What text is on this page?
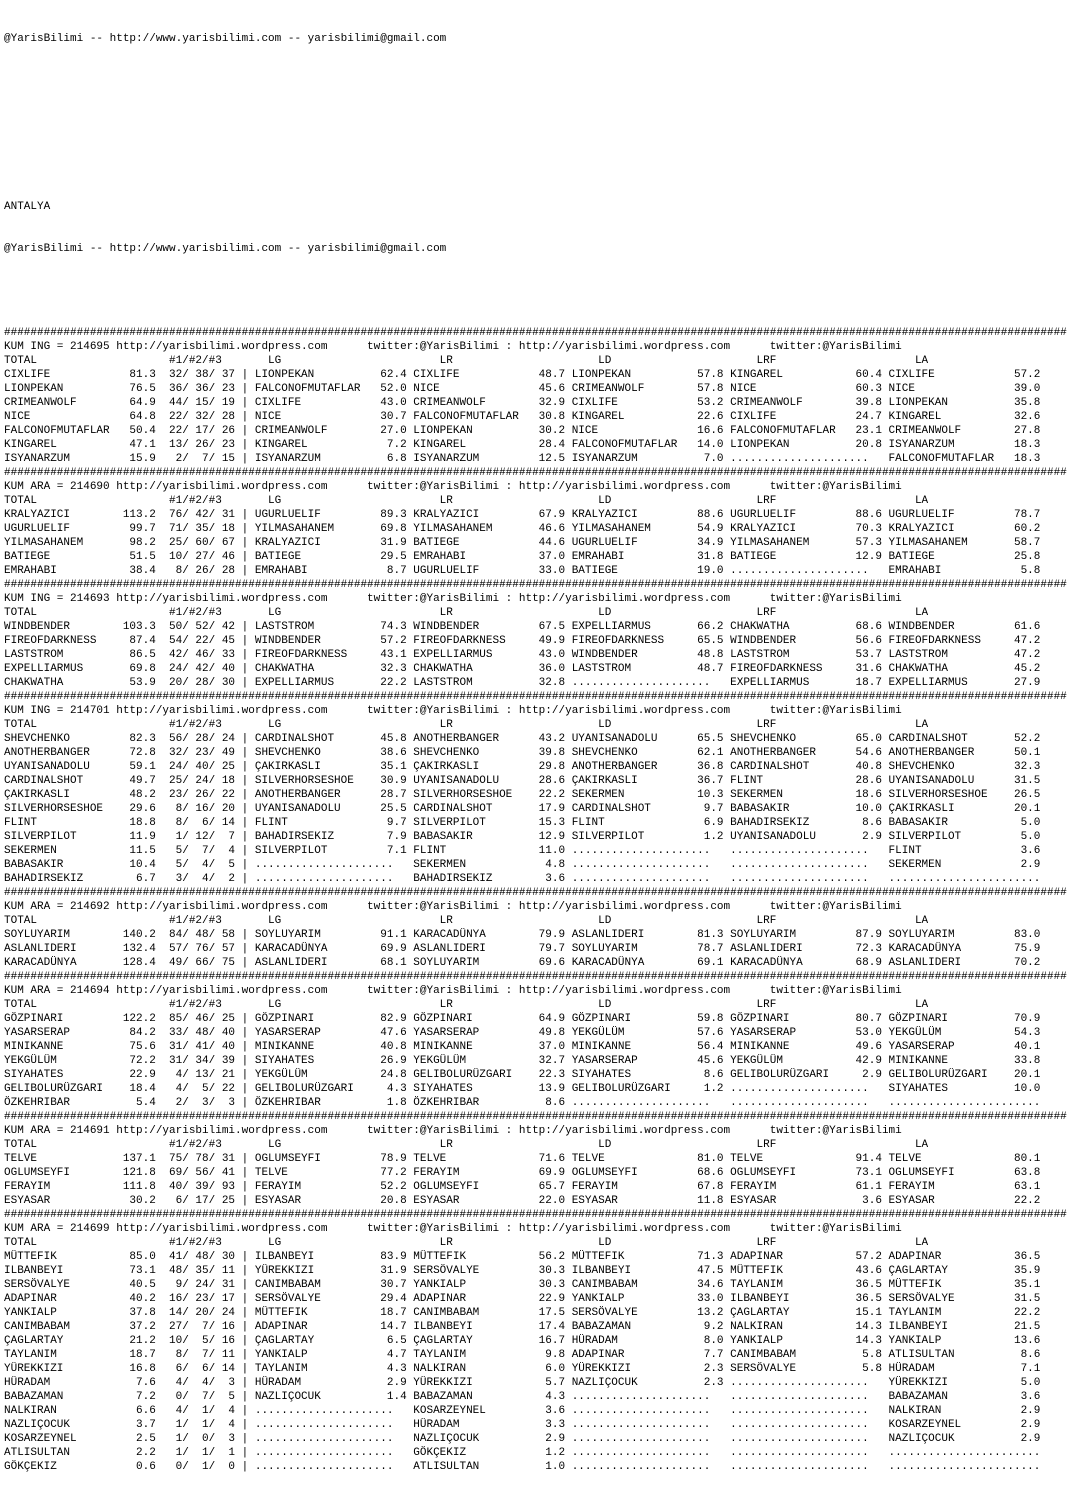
@YarisBilimi -- http://www.yarisbilimi.com -- yarisbilimi@gmail.com

ANTALYA

@YarisBilimi -- http://www.yarisbilimi.com -- yarisbilimi@gmail.com

#################################################################################################################################################################
KUM ING = 214695 http://yarisbilimi.wordpress.com      twitter:@YarisBilimi : http://yarisbilimi.wordpress.com      twitter:@YarisBilimi
TOTAL                    #1/#2/#3       LG                        LR                      LD                      LRF                     LA
CIXLIFE            81.3  32/ 38/ 37 | LIONPEKAN          62.4 CIXLIFE            48.7 LIONPEKAN          57.8 KINGAREL           60.4 CIXLIFE            57.2
LIONPEKAN          76.5  36/ 36/ 23 | FALCONOFMUTAFLAR   52.0 NICE               45.6 CRIMEANWOLF        57.8 NICE               60.3 NICE               39.0
CRIMEANWOLF        64.9  44/ 15/ 19 | CIXLIFE            43.0 CRIMEANWOLF        32.9 CIXLIFE            53.2 CRIMEANWOLF        39.8 LIONPEKAN          35.8
NICE               64.8  22/ 32/ 28 | NICE               30.7 FALCONOFMUTAFLAR   30.8 KINGAREL           22.6 CIXLIFE            24.7 KINGAREL           32.6
FALCONOFMUTAFLAR   50.4  22/ 17/ 26 | CRIMEANWOLF        27.0 LIONPEKAN          30.2 NICE               16.6 FALCONOFMUTAFLAR   23.1 CRIMEANWOLF        27.8
KINGAREL           47.1  13/ 26/ 23 | KINGAREL            7.2 KINGAREL           28.4 FALCONOFMUTAFLAR   14.0 LIONPEKAN          20.8 ISYANARZUM         18.3
ISYANARZUM         15.9   2/  7/ 15 | ISYANARZUM          6.8 ISYANARZUM         12.5 ISYANARZUM          7.0 .....................   FALCONOFMUTAFLAR   18.3
#################################################################################################################################################################
KUM ARA = 214690 http://yarisbilimi.wordpress.com      twitter:@YarisBilimi : http://yarisbilimi.wordpress.com      twitter:@YarisBilimi
TOTAL                    #1/#2/#3       LG                        LR                      LD                      LRF                     LA
KRALYAZICI        113.2  76/ 42/ 31 | UGURLUELIF         89.3 KRALYAZICI         67.9 KRALYAZICI         88.6 UGURLUELIF         88.6 UGURLUELIF         78.7
UGURLUELIF         99.7  71/ 35/ 18 | YILMASAHANEM       69.8 YILMASAHANEM       46.6 YILMASAHANEM       54.9 KRALYAZICI         70.3 KRALYAZICI         60.2
YILMASAHANEM       98.2  25/ 60/ 67 | KRALYAZICI         31.9 BATIEGE            44.6 UGURLUELIF         34.9 YILMASAHANEM       57.3 YILMASAHANEM       58.7
BATIEGE            51.5  10/ 27/ 46 | BATIEGE            29.5 EMRAHABI           37.0 EMRAHABI           31.8 BATIEGE            12.9 BATIEGE            25.8
EMRAHABI           38.4   8/ 26/ 28 | EMRAHABI            8.7 UGURLUELIF         33.0 BATIEGE            19.0 .....................   EMRAHABI            5.8
#################################################################################################################################################################
KUM ING = 214693 http://yarisbilimi.wordpress.com      twitter:@YarisBilimi : http://yarisbilimi.wordpress.com      twitter:@YarisBilimi
TOTAL                    #1/#2/#3       LG                        LR                      LD                      LRF                     LA
WINDBENDER        103.3  50/ 52/ 42 | LASTSTROM          74.3 WINDBENDER         67.5 EXPELLIARMUS       66.2 CHAKWATHA          68.6 WINDBENDER         61.6
FIREOFDARKNESS     87.4  54/ 22/ 45 | WINDBENDER         57.2 FIREOFDARKNESS     49.9 FIREOFDARKNESS     65.5 WINDBENDER         56.6 FIREOFDARKNESS     47.2
LASTSTROM          86.5  42/ 46/ 33 | FIREOFDARKNESS     43.1 EXPELLIARMUS       43.0 WINDBENDER         48.8 LASTSTROM          53.7 LASTSTROM          47.2
EXPELLIARMUS       69.8  24/ 42/ 40 | CHAKWATHA          32.3 CHAKWATHA          36.0 LASTSTROM          48.7 FIREOFDARKNESS     31.6 CHAKWATHA          45.2
CHAKWATHA          53.9  20/ 28/ 30 | EXPELLIARMUS       22.2 LASTSTROM          32.8 .....................   EXPELLIARMUS       18.7 EXPELLIARMUS       27.9
#################################################################################################################################################################
KUM ING = 214701 http://yarisbilimi.wordpress.com      twitter:@YarisBilimi : http://yarisbilimi.wordpress.com      twitter:@YarisBilimi
TOTAL                    #1/#2/#3       LG                        LR                      LD                      LRF                     LA
SHEVCHENKO         82.3  56/ 28/ 24 | CARDINALSHOT       45.8 ANOTHERBANGER      43.2 UYANISANADOLU      65.5 SHEVCHENKO         65.0 CARDINALSHOT       52.2
ANOTHERBANGER      72.8  32/ 23/ 49 | SHEVCHENKO         38.6 SHEVCHENKO         39.8 SHEVCHENKO         62.1 ANOTHERBANGER      54.6 ANOTHERBANGER      50.1
UYANISANADOLU      59.1  24/ 40/ 25 | ÇAKIRKASLI         35.1 ÇAKIRKASLI         29.8 ANOTHERBANGER      36.8 CARDINALSHOT       40.8 SHEVCHENKO         32.3
CARDINALSHOT       49.7  25/ 24/ 18 | SILVERHORSESHOE    30.9 UYANISANADOLU      28.6 ÇAKIRKASLI         36.7 FLINT              28.6 UYANISANADOLU      31.5
ÇAKIRKASLI         48.2  23/ 26/ 22 | ANOTHERBANGER      28.7 SILVERHORSESHOE    22.2 SEKERMEN           10.3 SEKERMEN           18.6 SILVERHORSESHOE    26.5
SILVERHORSESHOE    29.6   8/ 16/ 20 | UYANISANADOLU      25.5 CARDINALSHOT       17.9 CARDINALSHOT        9.7 BABASAKIR          10.0 ÇAKIRKASLI         20.1
FLINT              18.8   8/  6/ 14 | FLINT               9.7 SILVERPILOT        15.3 FLINT               6.9 BAHADIRSEKIZ        8.6 BABASAKIR           5.0
SILVERPILOT        11.9   1/ 12/  7 | BAHADIRSEKIZ        7.9 BABASAKIR          12.9 SILVERPILOT         1.2 UYANISANADOLU       2.9 SILVERPILOT         5.0
SEKERMEN           11.5   5/  7/  4 | SILVERPILOT         7.1 FLINT              11.0 .....................   .....................   FLINT               3.6
BABASAKIR          10.4   5/  4/  5 | .....................   SEKERMEN            4.8 .....................   .....................   SEKERMEN            2.9
BAHADIRSEKIZ        6.7   3/  4/  2 | .....................   BAHADIRSEKIZ        3.6 .....................   .....................   .......................
#################################################################################################################################################################
KUM ARA = 214692 http://yarisbilimi.wordpress.com      twitter:@YarisBilimi : http://yarisbilimi.wordpress.com      twitter:@YarisBilimi
TOTAL                    #1/#2/#3       LG                        LR                      LD                      LRF                     LA
SOYLUYARIM        140.2  84/ 48/ 58 | SOYLUYARIM         91.1 KARACADÜNYA        79.9 ASLANLIDERI        81.3 SOYLUYARIM         87.9 SOYLUYARIM         83.0
ASLANLIDERI       132.4  57/ 76/ 57 | KARACADÜNYA        69.9 ASLANLIDERI        79.7 SOYLUYARIM         78.7 ASLANLIDERI        72.3 KARACADÜNYA        75.9
KARACADÜNYA       128.4  49/ 66/ 75 | ASLANLIDERI        68.1 SOYLUYARIM         69.6 KARACADÜNYA        69.1 KARACADÜNYA        68.9 ASLANLIDERI        70.2
#################################################################################################################################################################
KUM ARA = 214694 http://yarisbilimi.wordpress.com      twitter:@YarisBilimi : http://yarisbilimi.wordpress.com      twitter:@YarisBilimi
TOTAL                    #1/#2/#3       LG                        LR                      LD                      LRF                     LA
GÖZPINARI         122.2  85/ 46/ 25 | GÖZPINARI          82.9 GÖZPINARI          64.9 GÖZPINARI          59.8 GÖZPINARI          80.7 GÖZPINARI          70.9
YASARSERAP         84.2  33/ 48/ 40 | YASARSERAP         47.6 YASARSERAP         49.8 YEKGÜLÜM           57.6 YASARSERAP         53.0 YEKGÜLÜM           54.3
MINIKANNE          75.6  31/ 41/ 40 | MINIKANNE          40.8 MINIKANNE          37.0 MINIKANNE          56.4 MINIKANNE          49.6 YASARSERAP         40.1
YEKGÜLÜM           72.2  31/ 34/ 39 | SIYAHATES          26.9 YEKGÜLÜM           32.7 YASARSERAP         45.6 YEKGÜLÜM           42.9 MINIKANNE          33.8
SIYAHATES          22.9   4/ 13/ 21 | YEKGÜLÜM           24.8 GELIBOLURÜZGARI    22.3 SIYAHATES           8.6 GELIBOLURÜZGARI     2.9 GELIBOLURÜZGARI    20.1
GELIBOLURÜZGARI    18.4   4/  5/ 22 | GELIBOLURÜZGARI     4.3 SIYAHATES          13.9 GELIBOLURÜZGARI     1.2 .....................   SIYAHATES          10.0
ÖZKEHRIBAR          5.4   2/  3/  3 | ÖZKEHRIBAR          1.8 ÖZKEHRIBAR          8.6 .....................   .....................   .......................
#################################################################################################################################################################
KUM ARA = 214691 http://yarisbilimi.wordpress.com      twitter:@YarisBilimi : http://yarisbilimi.wordpress.com      twitter:@YarisBilimi
TOTAL                    #1/#2/#3       LG                        LR                      LD                      LRF                     LA
TELVE             137.1  75/ 78/ 31 | OGLUMSEYFI         78.9 TELVE              71.6 TELVE              81.0 TELVE              91.4 TELVE              80.1
OGLUMSEYFI        121.8  69/ 56/ 41 | TELVE              77.2 FERAYIM            69.9 OGLUMSEYFI         68.6 OGLUMSEYFI         73.1 OGLUMSEYFI         63.8
FERAYIM           111.8  40/ 39/ 93 | FERAYIM            52.2 OGLUMSEYFI         65.7 FERAYIM            67.8 FERAYIM            61.1 FERAYIM            63.1
ESYASAR            30.2   6/ 17/ 25 | ESYASAR            20.8 ESYASAR            22.0 ESYASAR            11.8 ESYASAR             3.6 ESYASAR            22.2
#################################################################################################################################################################
KUM ARA = 214699 http://yarisbilimi.wordpress.com      twitter:@YarisBilimi : http://yarisbilimi.wordpress.com      twitter:@YarisBilimi
TOTAL                    #1/#2/#3       LG                        LR                      LD                      LRF                     LA
MÜTTEFIK           85.0  41/ 48/ 30 | ILBANBEYI          83.9 MÜTTEFIK           56.2 MÜTTEFIK           71.3 ADAPINAR           57.2 ADAPINAR           36.5
ILBANBEYI          73.1  48/ 35/ 11 | YÜREKKIZI          31.9 SERSÖVALYE         30.3 ILBANBEYI          47.5 MÜTTEFIK           43.6 ÇAGLARTAY          35.9
SERSÖVALYE         40.5   9/ 24/ 31 | CANIMBABAM         30.7 YANKIALP           30.3 CANIMBABAM         34.6 TAYLANIM           36.5 MÜTTEFIK           35.1
ADAPINAR           40.2  16/ 23/ 17 | SERSÖVALYE         29.4 ADAPINAR           22.9 YANKIALP           33.0 ILBANBEYI          36.5 SERSÖVALYE         31.5
YANKIALP           37.8  14/ 20/ 24 | MÜTTEFIK           18.7 CANIMBABAM         17.5 SERSÖVALYE         13.2 ÇAGLARTAY          15.1 TAYLANIM           22.2
CANIMBABAM         37.2  27/  7/ 16 | ADAPINAR           14.7 ILBANBEYI          17.4 BABAZAMAN           9.2 NALKIRAN           14.3 ILBANBEYI          21.5
ÇAGLARTAY          21.2  10/  5/ 16 | ÇAGLARTAY           6.5 ÇAGLARTAY          16.7 HÜRADAM             8.0 YANKIALP           14.3 YANKIALP           13.6
TAYLANIM           18.7   8/  7/ 11 | YANKIALP            4.7 TAYLANIM            9.8 ADAPINAR            7.7 CANIMBABAM          5.8 ATLISULTAN          8.6
YÜREKKIZI          16.8   6/  6/ 14 | TAYLANIM            4.3 NALKIRAN            6.0 YÜREKKIZI           2.3 SERSÖVALYE          5.8 HÜRADAM             7.1
HÜRADAM             7.6   4/  4/  3 | HÜRADAM             2.9 YÜREKKIZI           5.7 NAZLIÇOCUK          2.3 .....................   YÜREKKIZI           5.0
BABAZAMAN           7.2   0/  7/  5 | NAZLIÇOCUK          1.4 BABAZAMAN           4.3 .....................   .....................   BABAZAMAN           3.6
NALKIRAN            6.6   4/  1/  4 | .....................   KOSARZEYNEL         3.6 .....................   .....................   NALKIRAN            2.9
NAZLIÇOCUK          3.7   1/  1/  4 | .....................   HÜRADAM             3.3 .....................   .....................   KOSARZEYNEL         2.9
KOSARZEYNEL         2.5   1/  0/  3 | .....................   NAZLIÇOCUK          2.9 .....................   .....................   NAZLIÇOCUK          2.9
ATLISULTAN          2.2   1/  1/  1 | .....................   GÖKÇEKIZ            1.2 .....................   .....................   .......................
GÖKÇEKIZ            0.6   0/  1/  0 | .....................   ATLISULTAN          1.0 .....................   .....................   .......................
